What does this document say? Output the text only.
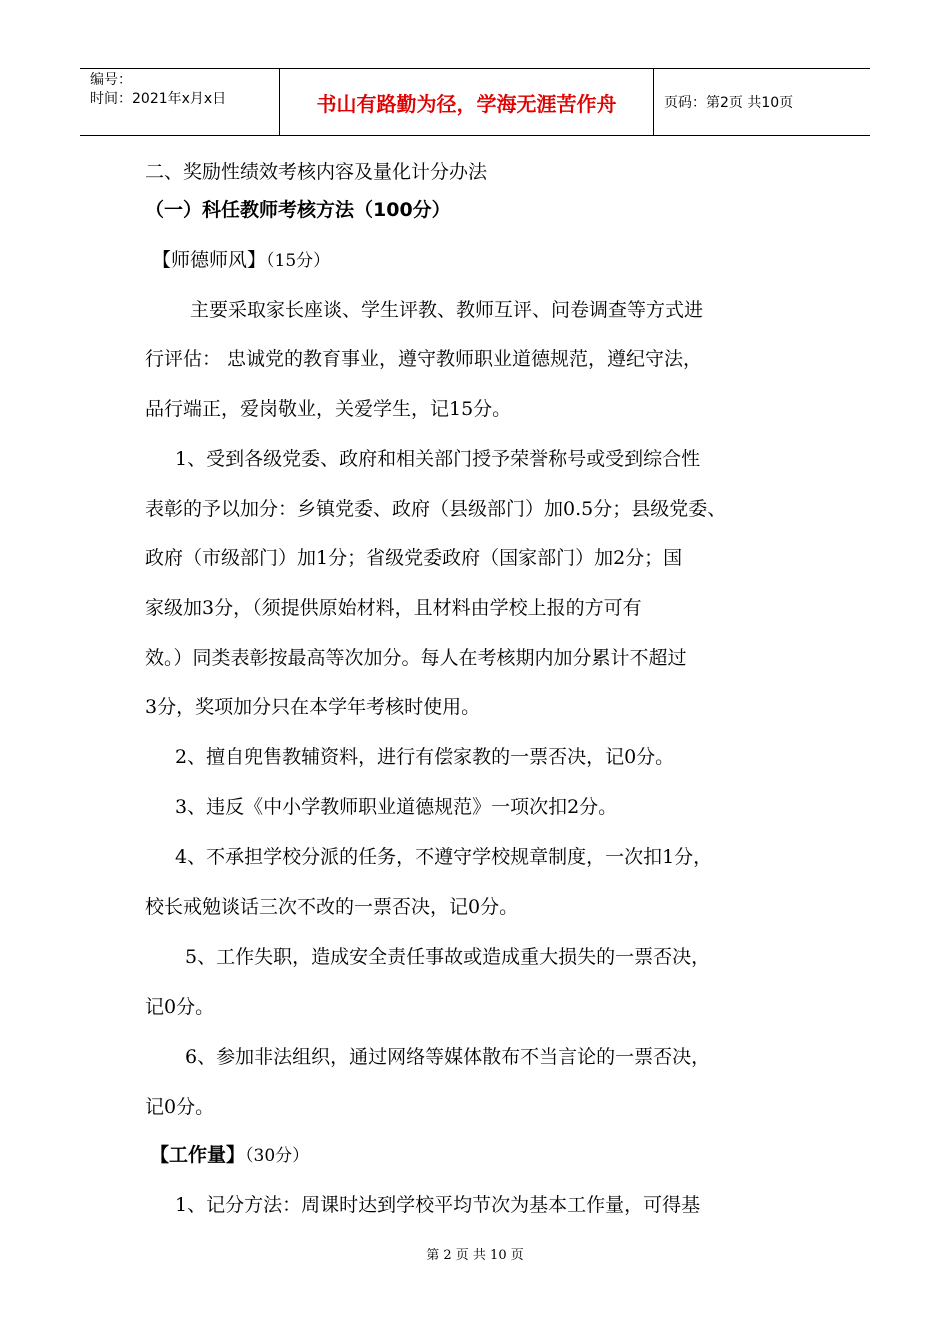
编号：
时间：2021年x月x日	书山有路勤为径，学海无涯苦作舟	页码：第2页 共10页
二、奖励性绩效考核内容及量化计分办法
（一）科任教师考核方法（100分）
【师德师风】（15分）
主要采取家长座谈、学生评教、教师互评、问卷调查等方式进
行评估： 忠诚党的教育事业，遵守教师职业道德规范，遵纪守法，
品行端正，爱岗敬业，关爱学生，记15分。
1、受到各级党委、政府和相关部门授予荣誉称号或受到综合性
表彰的予以加分：乡镇党委、政府（县级部门）加0.5分；县级党委、
政府（市级部门）加1分；省级党委政府（国家部门）加2分；国
家级加3分，（须提供原始材料，且材料由学校上报的方可有
效。）同类表彰按最高等次加分。每人在考核期内加分累计不超过
3分，奖项加分只在本学年考核时使用。
2、擅自兜售教辅资料，进行有偿家教的一票否决，记0分。
3、违反《中小学教师职业道德规范》一项次扣2分。
4、不承担学校分派的任务，不遵守学校规章制度，一次扣1分，
校长戒勉谈话三次不改的一票否决，记0分。
5、工作失职，造成安全责任事故或造成重大损失的一票否决，
记0分。
6、参加非法组织，通过网络等媒体散布不当言论的一票否决，
记0分。
【工作量】（30分）
1、记分方法：周课时达到学校平均节次为基本工作量，可得基
第 2 页 共 10 页
